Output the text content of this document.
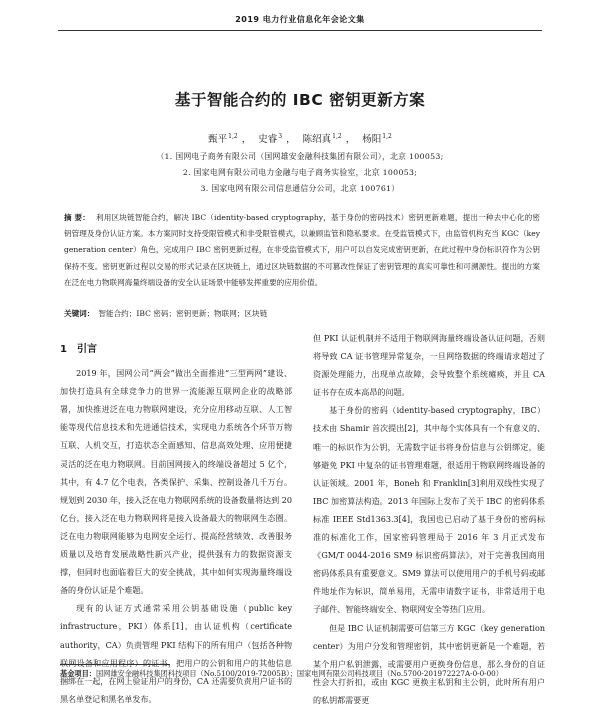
2019 电力行业信息化年会论文集
基于智能合约的 IBC 密钥更新方案
甄平$^{1,2}$ ， 史睿$^3$ ， 陈绍真$^{1,2}$ ， 杨阳$^{1,2}$
（1. 国网电子商务有限公司（国网雄安金融科技集团有限公司），北京 100053;
2. 国家电网有限公司电力金融与电子商务实验室，北京 100053;
3. 国家电网有限公司信息通信分公司，北京 100761）
摘 要： 利用区块链智能合约，解决 IBC（identity-based cryptography，基于身份的密码技术）密钥更新难题，提出一种去中心化的密钥管理及身份认证方案。本方案同时支持受限管模式和非受限管模式，以兼顾监管和隐私要求。在受监管模式下，由监管机构充当 KGC（key generation center）角色，完成用户 IBC 密钥更新过程，在非受监管模式下，用户可以自发完成密钥更新，在此过程中身份标识符作为公钥保持不变。密钥更新过程以交易的形式记录在区块链上，通过区块链数据的不可篡改性保证了密钥管理的真实可靠性和可溯源性。提出的方案在泛在电力物联网海量终端设备的安全认证场景中能够发挥重要的应用价值。
关键词： 智能合约；IBC 密码；密钥更新；物联网；区块链
1 引言

2019 年，国网公司“两会”做出全面推进“三型两网”建设、加快打造具有全球竞争力的世界一流能源互联网企业的战略部署，加快推进泛在电力物联网建设，充分应用移动互联、人工智能等现代信息技术和先进通信技术，实现电力系统各个环节万物互联、人机交互，打造状态全面感知、信息高效处理、应用便捷灵活的泛在电力物联网。目前国网接入的终端设备超过 5 亿个，其中，有 4.7 亿个电表，各类保护、采集、控制设备几千万台。规划到 2030 年，接入泛在电力物联网系统的设备数量将达到 20 亿台，接入泛在电力物联网将是接入设备最大的物联网生态圈。泛在电力物联网能够为电网安全运行、提高经营绩效、改善服务质量以及培育发展战略性新兴产业，提供强有力的数据资源支撑，但同时也面临着巨大的安全挑战，其中如何实现海量终端设备的身份认证是个难题。

现有的认证方式通常采用公钥基础设施（public key infrastructure，PKI）体系[1]，由认证机构（certificate authority，CA）负责管理 PKI 结构下的所有用户（包括各种物联网设备和应用程序）的证书，把用户的公钥和用户的其他信息捆绑在一起，在网上验证用户的身份，CA 还需要负责用户证书的黑名单登记和黑名单发布。

但 PKI 认证机制并不适用于物联网海量终端设备认证问题，否则将导致 CA 证书管理异常复杂，一旦网络数据的终端请求超过了资源处理能力，出现单点故障，会导致整个系统瘫痪，并且 CA 证书存在成本高昂的问题。

基于身份的密码（identity-based cryptography，IBC）技术由 Shamir 首次提出[2]，其中每个实体具有一个有意义的、唯一的标识作为公钥，无需数字证书将身份信息与公钥绑定，能够避免 PKI 中复杂的证书管理难题，很适用于物联网终端设备的认证领域。2001 年，Boneh 和 Franklin[3]利用双线性实现了 IBC 加密算法构造。2013 年国际上发布了关于 IBC 的密码体系标准 IEEE Std1363.3[4]，我国也已启动了基于身份的密码标准的标准化工作，国家密码管理局于 2016 年 3 月正式发布《GM/T 0044-2016 SM9 标识密码算法》，对于完善我国商用密码体系具有重要意义。SM9 算法可以使用用户的手机号码或邮件地址作为标识，简单易用，无需申请数字证书，非常适用于电子邮件、智能终端安全、物联网安全等热门应用。

但是 IBC 认证机制需要可信第三方 KGC（key generation center）为用户分发和管理密钥，其中密钥更新是一个难题，若某个用户私钥泄露，或需要用户更换身份信息，那么身份的自证性会大打折扣，或由 KGC 更换主私钥和主公钥，此时所有用户的私钥都需要更

基金项目：国网雄安金融科技集团科技项目（No.5100/2019-72005B）；国家电网有限公司科技项目（No.5700-201972227A-0-0-00）
